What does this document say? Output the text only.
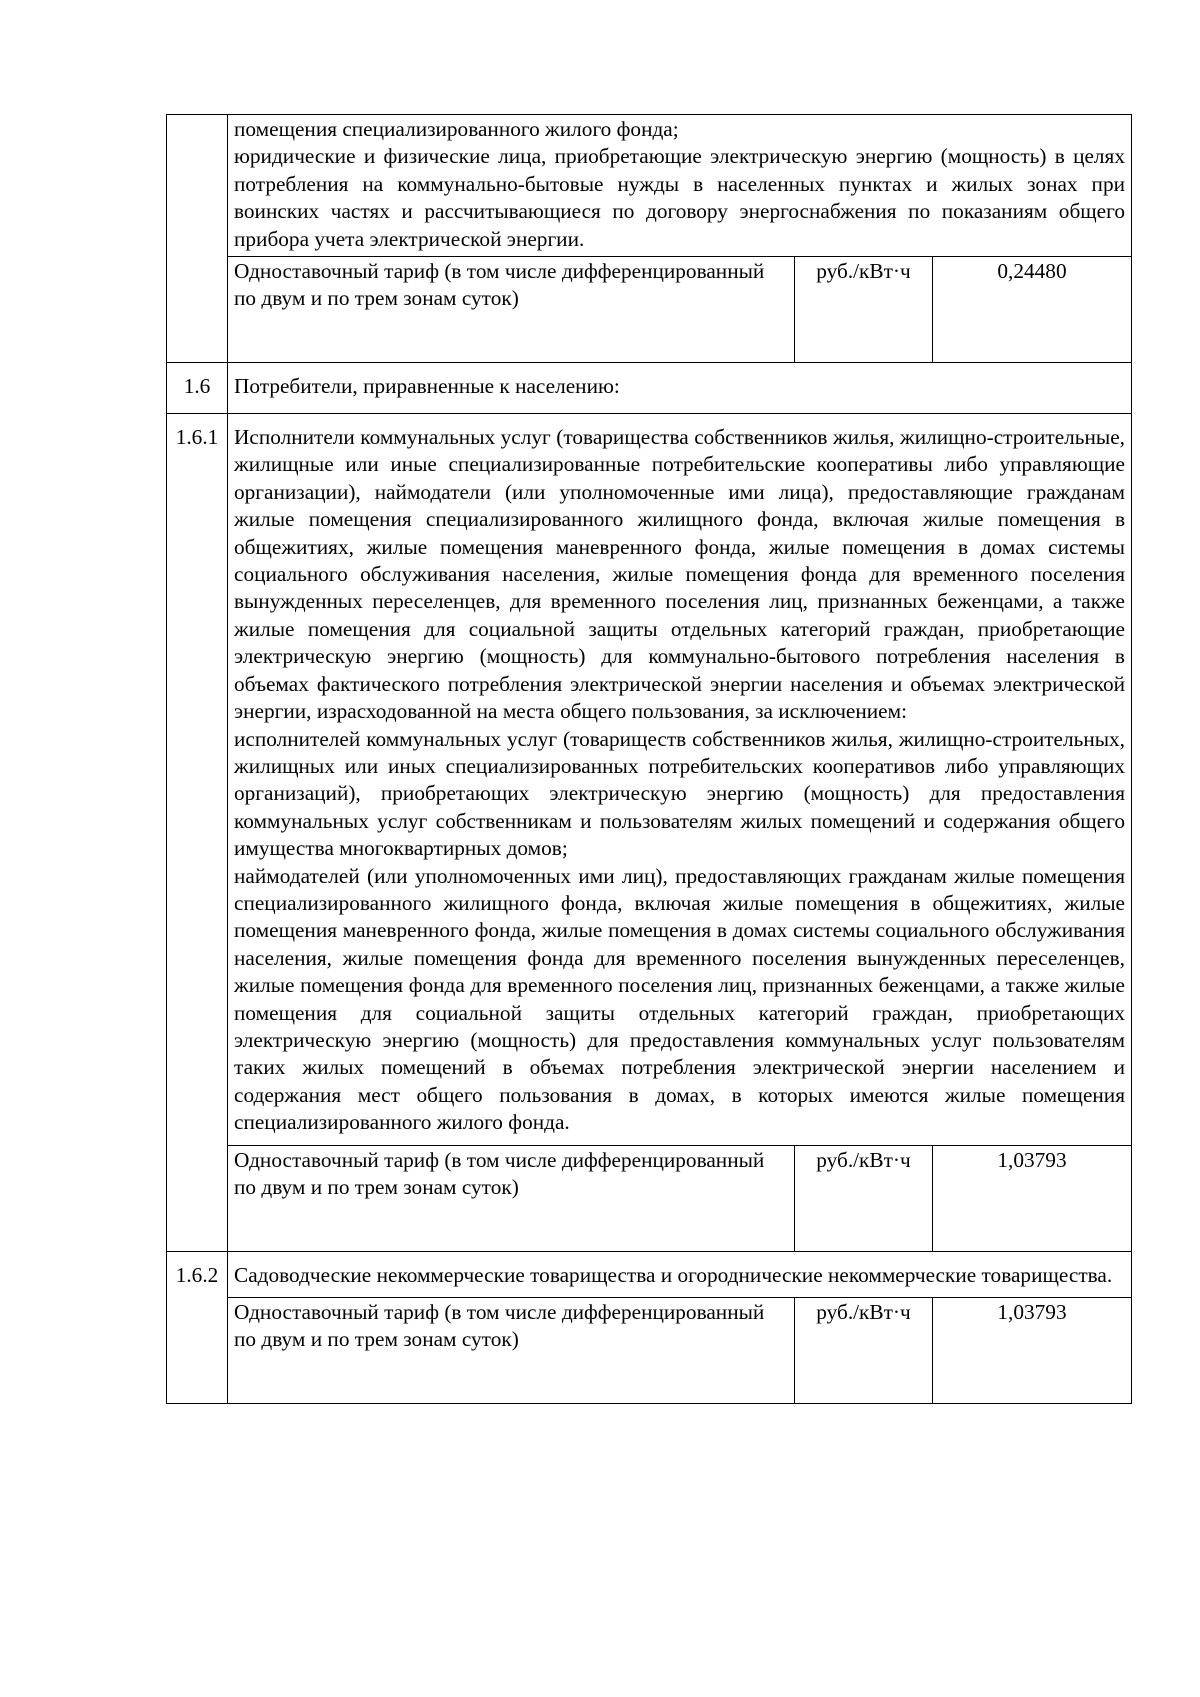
	помещения специализированного жилого фонда;

юридические и физические лица, приобретающие электрическую энергию (мощность) в целях потребления на коммунально-бытовые нужды в населенных пунктах и жилых зонах при воинских частях и рассчитывающиеся по договору энергоснабжения по показаниям общего прибора учета электрической энергии.		

	Одноставочный тариф (в том числе дифференцированный по двум и по трем зонам суток)	руб./кВт·ч	0,24480
1.6	Потребители, приравненные к населению:		

1.6.1	Исполнители коммунальных услуг (товарищества собственников жилья, жилищно-строительные, жилищные или иные специализированные потребительские кооперативы либо управляющие организации), наймодатели (или уполномоченные ими лица), предоставляющие гражданам жилые помещения специализированного жилищного фонда, включая жилые помещения в общежитиях, жилые помещения маневренного фонда, жилые помещения в домах системы социального обслуживания населения, жилые помещения фонда для временного поселения вынужденных переселенцев, для временного поселения лиц, признанных беженцами, а также жилые помещения для социальной защиты отдельных категорий граждан, приобретающие электрическую энергию (мощность) для коммунально-бытового потребления населения в объемах фактического потребления электрической энергии населения и объемах электрической энергии, израсходованной на места общего пользования, за исключением:

исполнителей коммунальных услуг (товариществ собственников жилья, жилищно-строительных, жилищных или иных специализированных потребительских кооперативов либо управляющих организаций), приобретающих электрическую энергию (мощность) для предоставления коммунальных услуг собственникам и пользователям жилых помещений и содержания общего имущества многоквартирных домов;

наймодателей (или уполномоченных ими лиц), предоставляющих гражданам жилые помещения специализированного жилищного фонда, включая жилые помещения в общежитиях, жилые помещения маневренного фонда, жилые помещения в домах системы социального обслуживания населения, жилые помещения фонда для временного поселения вынужденных переселенцев, жилые помещения фонда для временного поселения лиц, признанных беженцами, а также жилые помещения для социальной защиты отдельных категорий граждан, приобретающих электрическую энергию (мощность) для предоставления коммунальных услуг пользователям таких жилых помещений в объемах потребления электрической энергии населением и содержания мест общего пользования в домах, в которых имеются жилые помещения специализированного жилого фонда.		

	Одноставочный тариф (в том числе дифференцированный по двум и по трем зонам суток)	руб./кВт·ч	1,03793
1.6.2	Садоводческие некоммерческие товарищества и огороднические некоммерческие товарищества.		

	Одноставочный тариф (в том числе дифференцированный по двум и по трем зонам суток)	руб./кВт·ч	1,03793
